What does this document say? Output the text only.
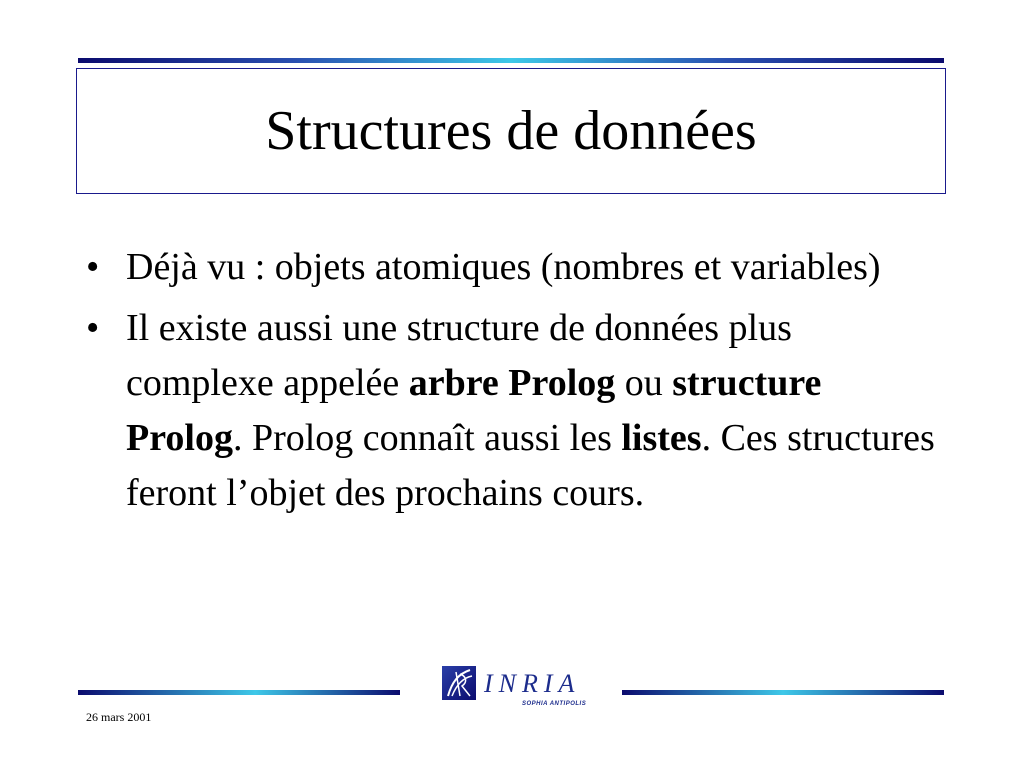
Structures de données
• Déjà vu : objets atomiques (nombres et variables)
• Il existe aussi une structure de données plus complexe appelée arbre Prolog ou structure Prolog. Prolog connaît aussi les listes. Ces structures feront l’objet des prochains cours.
INRIA
SOPHIA ANTIPOLIS
26 mars 2001
